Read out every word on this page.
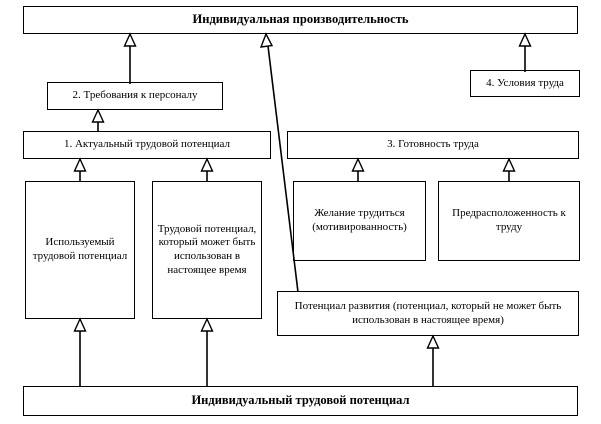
Индивидуальная производительность
2. Требования к персоналу
4. Условия труда
1. Актуальный трудовой потенциал	3. Готовность труда
Используемый трудовой потенциал
Трудовой потенциал, который может быть использован в настоящее время
Желание трудиться (мотивированность)
Предрасположенность к труду
Потенциал развития (потенциал, который не может быть использован в настоящее время)
Индивидуальный трудовой потенциал
